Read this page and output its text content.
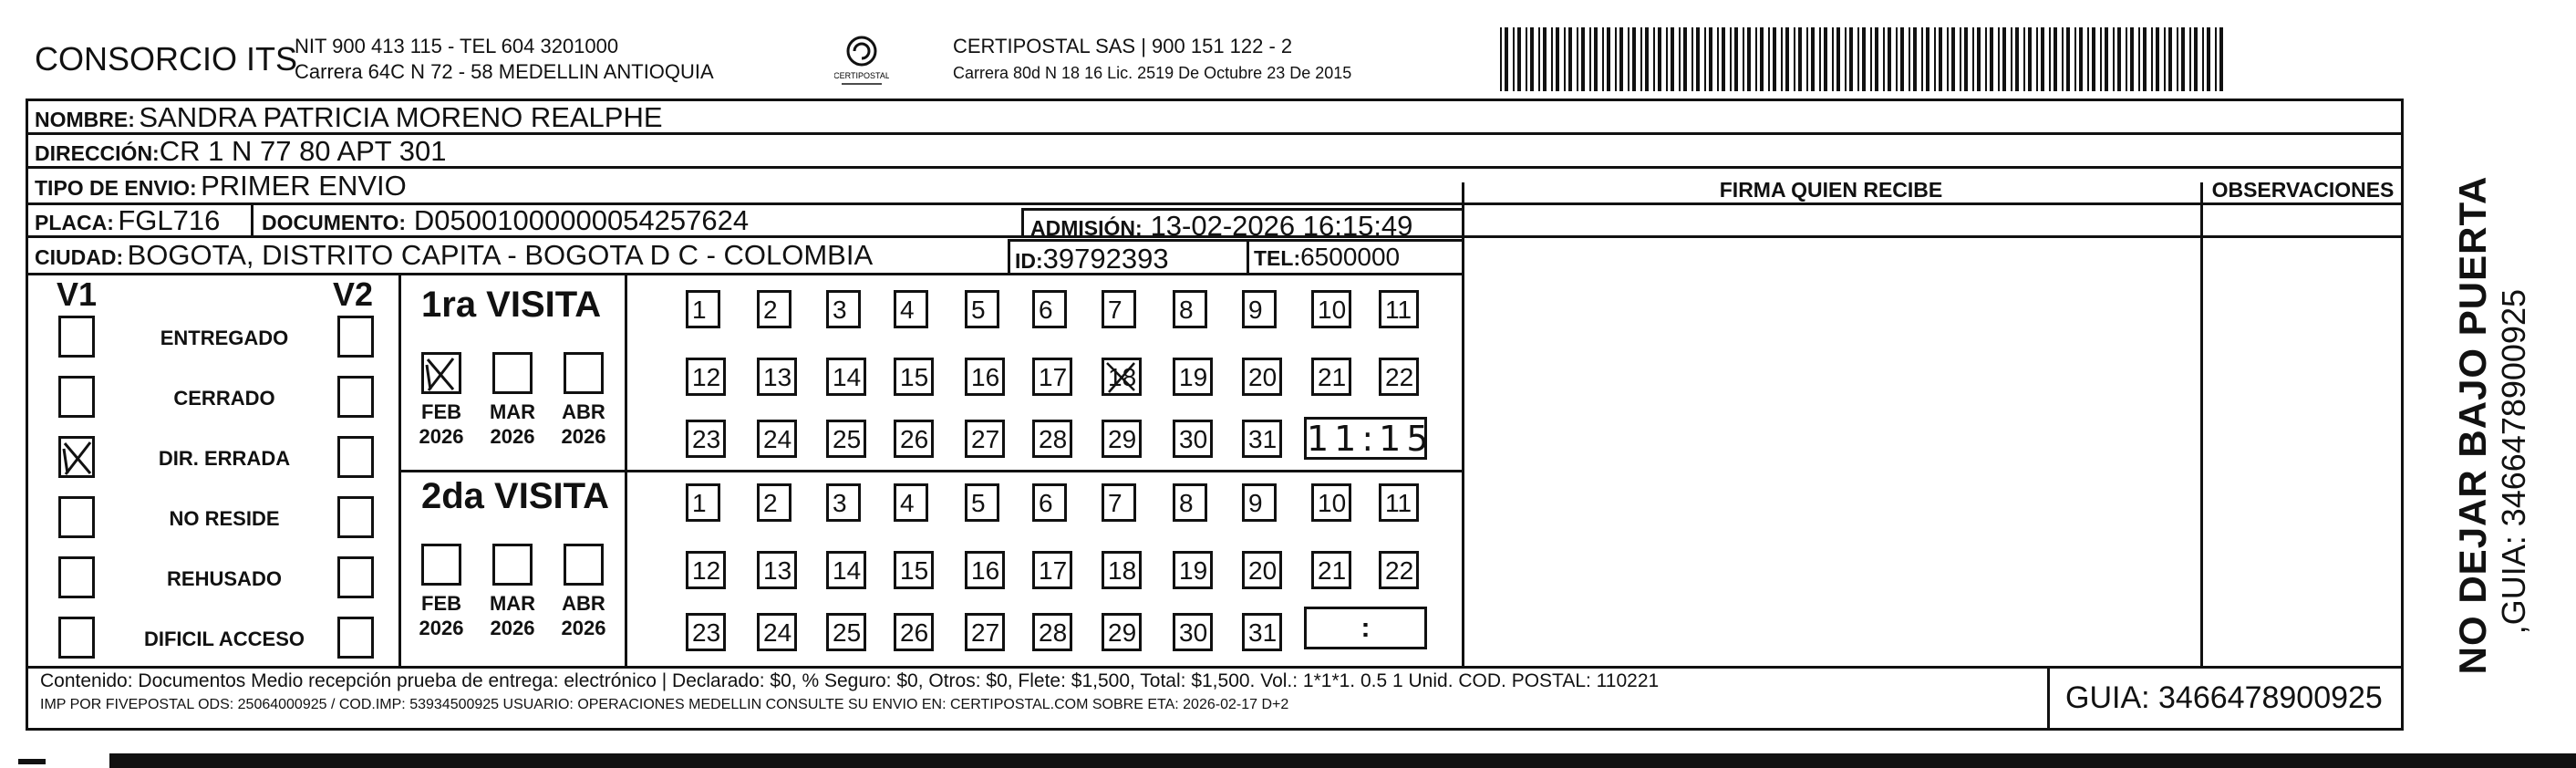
CONSORCIO ITS
NIT 900 413 115 - TEL 604 3201000
Carrera 64C N 72 - 58 MEDELLIN ANTIOQUIA	CERTIPOSTAL
CERTIPOSTAL SAS | 900 151 122 - 2
Carrera 80d N 18 16 Lic. 2519 De Octubre 23 De 2015
NOMBRE: SANDRA PATRICIA MORENO REALPHE
DIRECCIÓN:CR 1 N 77 80 APT 301
TIPO DE ENVIO: PRIMER ENVIO
PLACA: FGL716 DOCUMENTO: D05001000000054257624	ADMISIÓN: 13-02-2026 16:15:49
CIUDAD: BOGOTA, DISTRITO CAPITA - BOGOTA D C - COLOMBIA	ID:39792393	TEL:6500000
FIRMA QUIEN RECIBE	OBSERVACIONES
V1	V2
ENTREGADO
CERRADO
DIR. ERRADA
NO RESIDE
REHUSADO
DIFICIL ACCESO
1ra VISITA
FEB
2026
MAR
2026
ABR
2026
1	2	3	4	5	6	7	8	9	10 11
12 13 14 15 16 17 18 19 20 21 22
23 24 25 26 27 28 29 30 31 11:15
2da VISITA
FEB
2026
MAR
2026
ABR
2026
1	2	3	4	5	6	7	8	9	10 11
12 13 14 15 16 17 18 19 20 21 22
23 24 25 26 27 28 29 30 31	:
Contenido: Documentos Medio recepción prueba de entrega: electrónico | Declarado: $0, % Seguro: $0, Otros: $0, Flete: $1,500, Total: $1,500. Vol.: 1*1*1. 0.5 1 Unid. COD. POSTAL: 110221
IMP POR FIVEPOSTAL ODS: 25064000925 / COD.IMP: 53934500925 USUARIO: OPERACIONES MEDELLIN CONSULTE SU ENVIO EN: CERTIPOSTAL.COM SOBRE ETA: 2026-02-17 D+2	GUIA: 3466478900925
NO DEJAR BAJO PUERTA ,GUIA: 3466478900925
